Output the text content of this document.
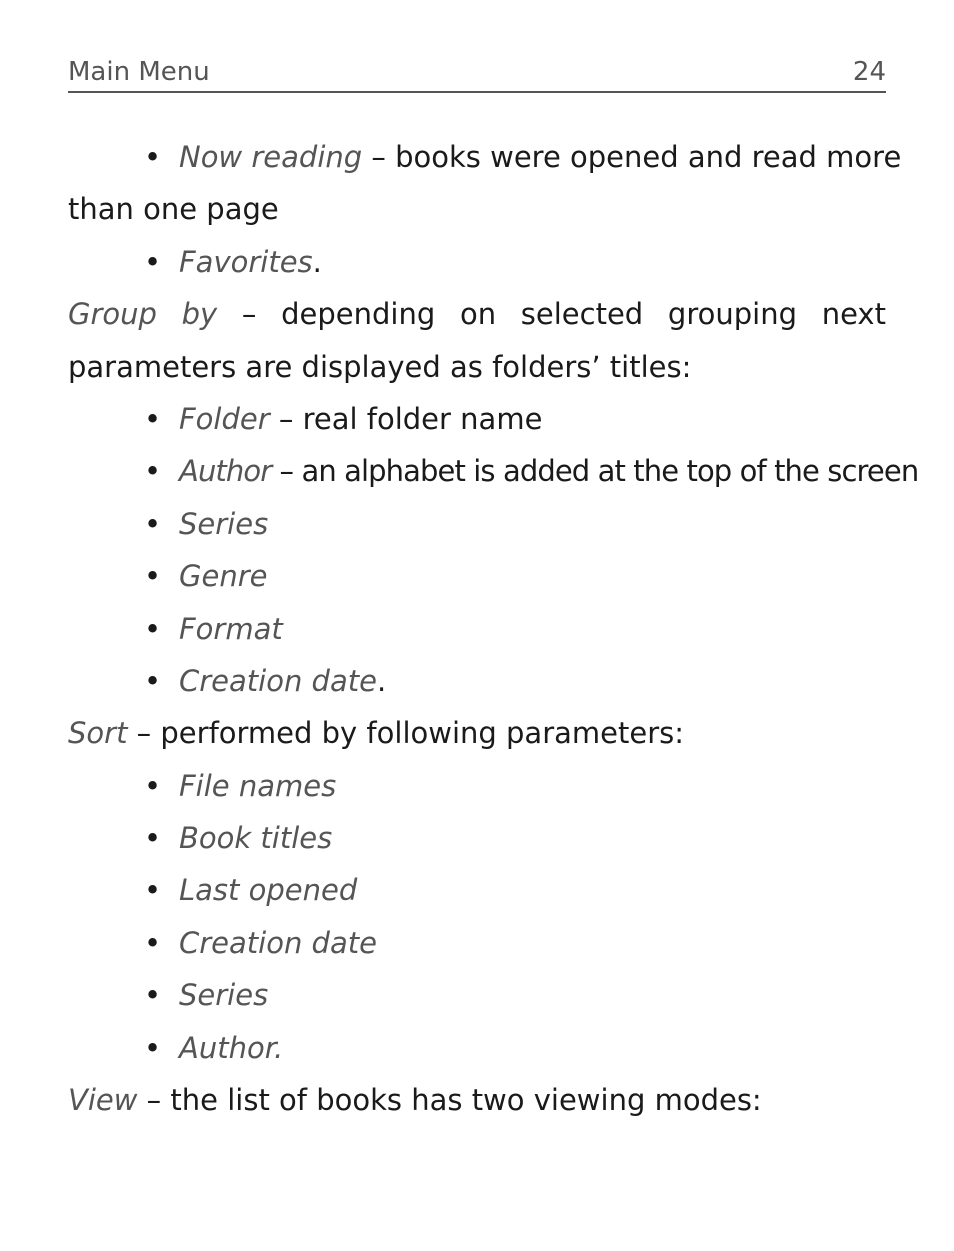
Main Menu	24
• Now reading – books were opened and read more
than one page
• Favorites.
Group by – depending on selected grouping next
parameters are displayed as folders’ titles:
• Folder – real folder name
• Author – an alphabet is added at the top of the screen
• Series
• Genre
• Format
• Creation date.
Sort – performed by following parameters:
• File names
• Book titles
• Last opened
• Creation date
• Series
• Author.
View – the list of books has two viewing modes:
